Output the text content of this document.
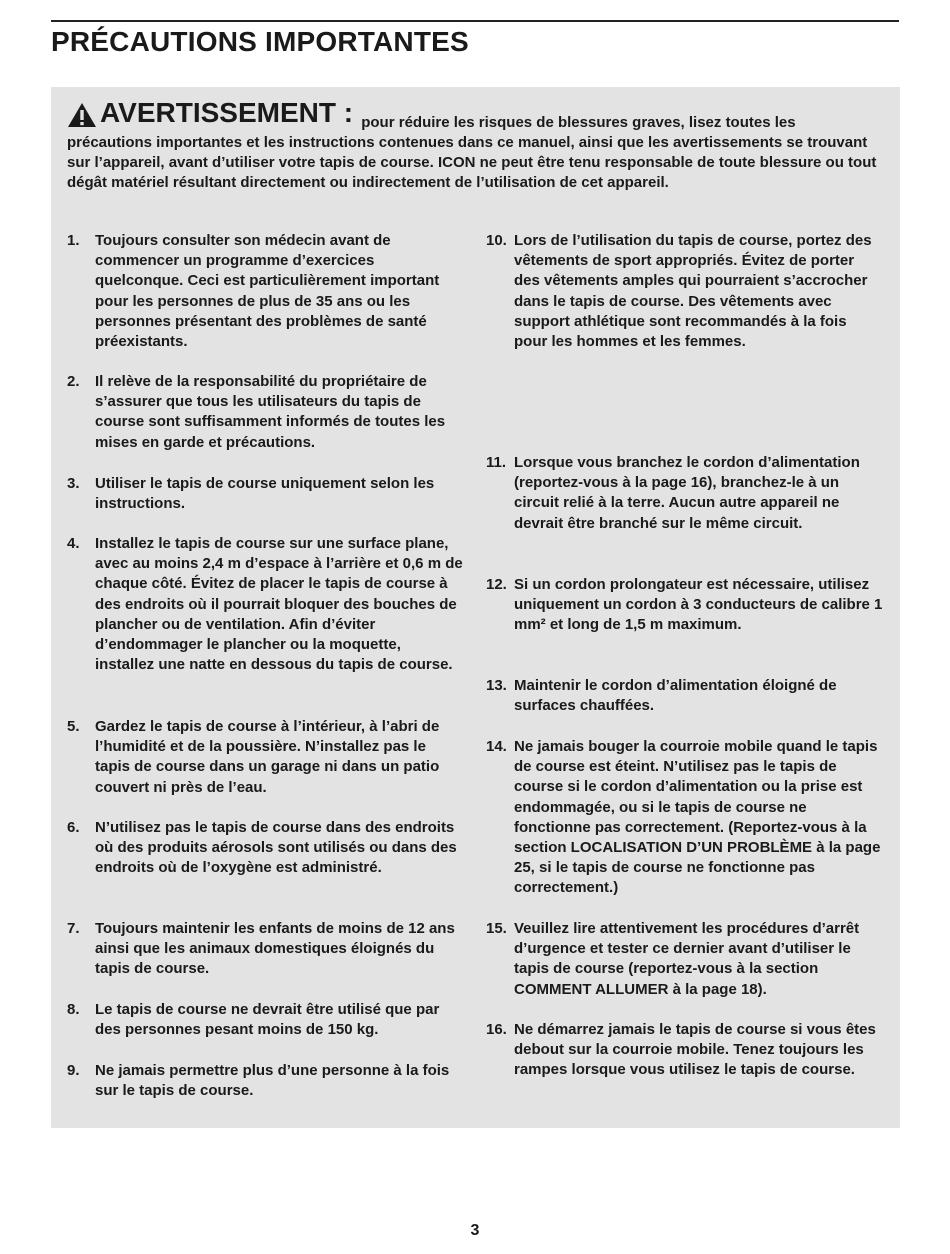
PRÉCAUTIONS IMPORTANTES

AVERTISSEMENT : pour réduire les risques de blessures graves, lisez toutes les précautions importantes et les instructions contenues dans ce manuel, ainsi que les avertissements se trouvant sur l’appareil, avant d’utiliser votre tapis de course. ICON ne peut être tenu responsable de toute blessure ou tout dégât matériel résultant directement ou indirectement de l’utilisation de cet appareil.

1. Toujours consulter son médecin avant de commencer un programme d’exercices quelconque. Ceci est particulièrement important pour les personnes de plus de 35 ans ou les personnes présentant des problèmes de santé préexistants.
2. Il relève de la responsabilité du propriétaire de s’assurer que tous les utilisateurs du tapis de course sont suffisamment informés de toutes les mises en garde et précautions.
3. Utiliser le tapis de course uniquement selon les instructions.
4. Installez le tapis de course sur une surface plane, avec au moins 2,4 m d’espace à l’arrière et 0,6 m de chaque côté. Évitez de placer le tapis de course à des endroits où il pourrait bloquer des bouches de plancher ou de ventilation. Afin d’éviter d’endommager le plancher ou la moquette, installez une natte en dessous du tapis de course.
5. Gardez le tapis de course à l’intérieur, à l’abri de l’humidité et de la poussière. N’installez pas le tapis de course dans un garage ni dans un patio couvert ni près de l’eau.
6. N’utilisez pas le tapis de course dans des endroits où des produits aérosols sont utilisés ou dans des endroits où de l’oxygène est administré.
7. Toujours maintenir les enfants de moins de 12 ans ainsi que les animaux domestiques éloignés du tapis de course.
8. Le tapis de course ne devrait être utilisé que par des personnes pesant moins de 150 kg.
9. Ne jamais permettre plus d’une personne à la fois sur le tapis de course.
10. Lors de l’utilisation du tapis de course, portez des vêtements de sport appropriés. Évitez de porter des vêtements amples qui pourraient s’accrocher dans le tapis de course. Des vêtements avec support athlétique sont recommandés à la fois pour les hommes et les femmes.
11. Lorsque vous branchez le cordon d’alimentation (reportez-vous à la page 16), branchez-le à un circuit relié à la terre. Aucun autre appareil ne devrait être branché sur le même circuit.
12. Si un cordon prolongateur est nécessaire, utilisez uniquement un cordon à 3 conducteurs de calibre 1 mm² et long de 1,5 m maximum.
13. Maintenir le cordon d’alimentation éloigné de surfaces chauffées.
14. Ne jamais bouger la courroie mobile quand le tapis de course est éteint. N’utilisez pas le tapis de course si le cordon d’alimentation ou la prise est endommagée, ou si le tapis de course ne fonctionne pas correctement. (Reportez-vous à la section LOCALISATION D’UN PROBLÈME à la page 25, si le tapis de course ne fonctionne pas correctement.)
15. Veuillez lire attentivement les procédures d’arrêt d’urgence et tester ce dernier avant d’utiliser le tapis de course (reportez-vous à la section COMMENT ALLUMER à la page 18).
16. Ne démarrez jamais le tapis de course si vous êtes debout sur la courroie mobile. Tenez toujours les rampes lorsque vous utilisez le tapis de course.
3
